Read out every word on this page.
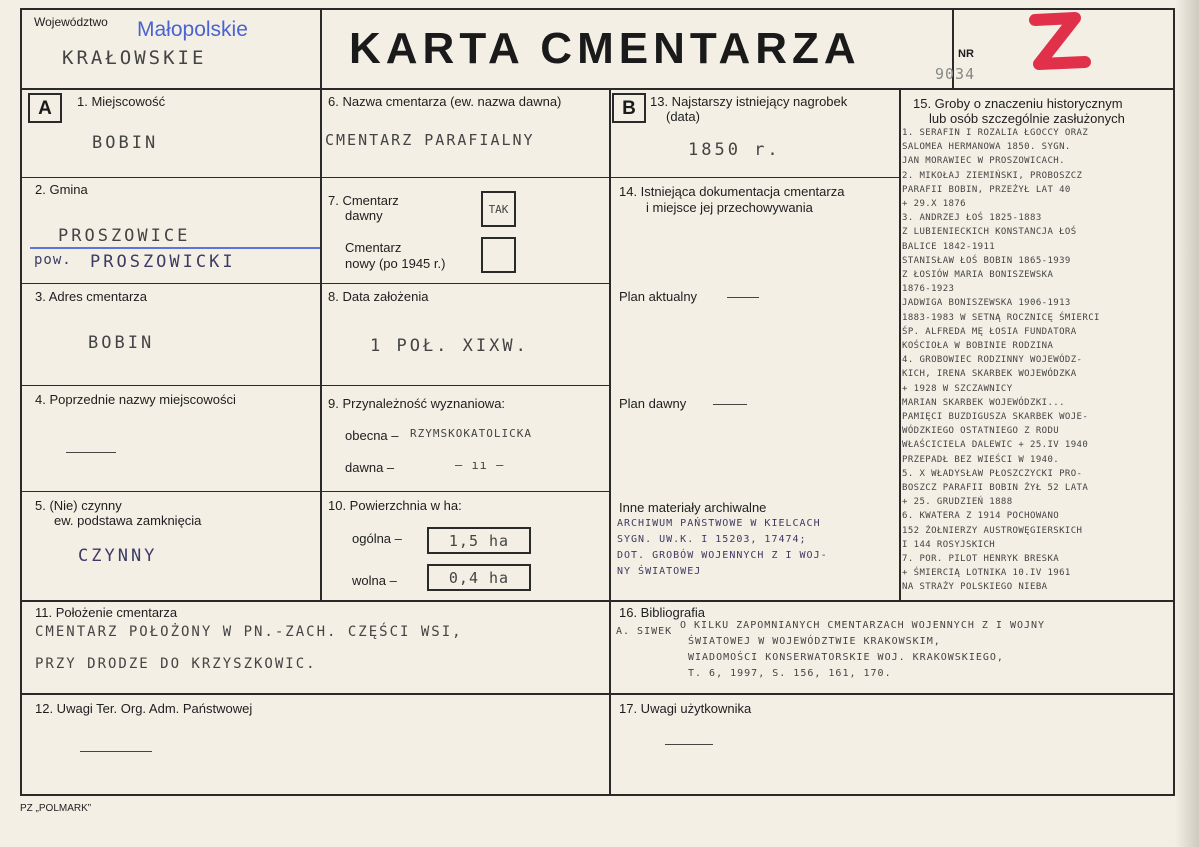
Województwo Małopolskie
KRAŁOWSKIE	KARTA CMENTARZA	NR
9034
A	B
1. Miejscowość
BOBIN
2. Gmina
PROSZOWICE
pow. PROSZOWICKI
3. Adres cmentarza
BOBIN
4. Poprzednie nazwy miejscowości
5. (Nie) czynny
ew. podstawa zamknięcia
CZYNNY
6. Nazwa cmentarza (ew. nazwa dawna)
CMENTARZ PARAFIALNY
7. Cmentarz
dawny	TAK
Cmentarz
nowy (po 1945 r.)
8. Data założenia
1 POŁ. XIXW.
9. Przynależność wyznaniowa:
obecna – RZYMSKOKATOLICKA
dawna –	– ıı –
10. Powierzchnia w ha:
ogólna –	1,5 ha
wolna –	0,4 ha
13. Najstarszy istniejący nagrobek
(data)
1850 r.
14. Istniejąca dokumentacja cmentarza
i miejsce jej przechowywania
Plan aktualny
Plan dawny
Inne materiały archiwalne
ARCHIWUM PAŃSTWOWE W KIELCACH
SYGN. UW.K. I 15203, 17474;
DOT. GROBÓW WOJENNYCH Z I WOJ-
NY ŚWIATOWEJ
15. Groby o znaczeniu historycznym
lub osób szczególnie zasłużonych
1. SERAFIN I ROZALIA ŁGOCCY ORAZ
SALOMEA HERMANOWA 1850. SYGN.
JAN MORAWIEC W PROSZOWICACH.
2. MIKOŁAJ ZIEMIŃSKI, PROBOSZCZ
PARAFII BOBIN, PRZEŻYŁ LAT 40
+ 29.X 1876
3. ANDRZEJ ŁOŚ 1825-1883
Z LUBIENIECKICH KONSTANCJA ŁOŚ
BALICE 1842-1911
STANISŁAW ŁOŚ BOBIN 1865-1939
Z ŁOSIÓW MARIA BONISZEWSKA
1876-1923
JADWIGA BONISZEWSKA 1906-1913
1883-1983 W SETNĄ ROCZNICĘ ŚMIERCI
ŚP. ALFREDA MĘ ŁOSIA FUNDATORA
KOŚCIOŁA W BOBINIE RODZINA
4. GROBOWIEC RODZINNY WOJEWÓDZ-
KICH, IRENA SKARBEK WOJEWÓDZKA
+ 1928 W SZCZAWNICY
MARIAN SKARBEK WOJEWÓDZKI...
PAMIĘCI BUZDIGUSZA SKARBEK WOJE-
WÓDZKIEGO OSTATNIEGO Z RODU
WŁAŚCICIELA DALEWIC + 25.IV 1940
PRZEPADŁ BEZ WIEŚCI W 1940.
5. X WŁADYSŁAW PŁOSZCZYCKI PRO-
BOSZCZ PARAFII BOBIN ŻYŁ 52 LATA
+ 25. GRUDZIEŃ 1888
6. KWATERA Z 1914 POCHOWANO
152 ŻOŁNIERZY AUSTROWĘGIERSKICH
I 144 ROSYJSKICH
7. POR. PILOT HENRYK BRESKA
+ ŚMIERCIĄ LOTNIKA 10.IV 1961
NA STRAŻY POLSKIEGO NIEBA
11. Położenie cmentarza
CMENTARZ POŁOŻONY W PN.-ZACH. CZĘŚCI WSI,
PRZY DRODZE DO KRZYSZKOWIC.
16. Bibliografia
A. SIWEK
O KILKU ZAPOMNIANYCH CMENTARZACH WOJENNYCH Z I WOJNY
ŚWIATOWEJ W WOJEWÓDZTWIE KRAKOWSKIM,
WIADOMOŚCI KONSERWATORSKIE WOJ. KRAKOWSKIEGO,
T. 6, 1997, S. 156, 161, 170.
12. Uwagi Ter. Org. Adm. Państwowej	17. Uwagi użytkownika
PZ „POLMARK”
